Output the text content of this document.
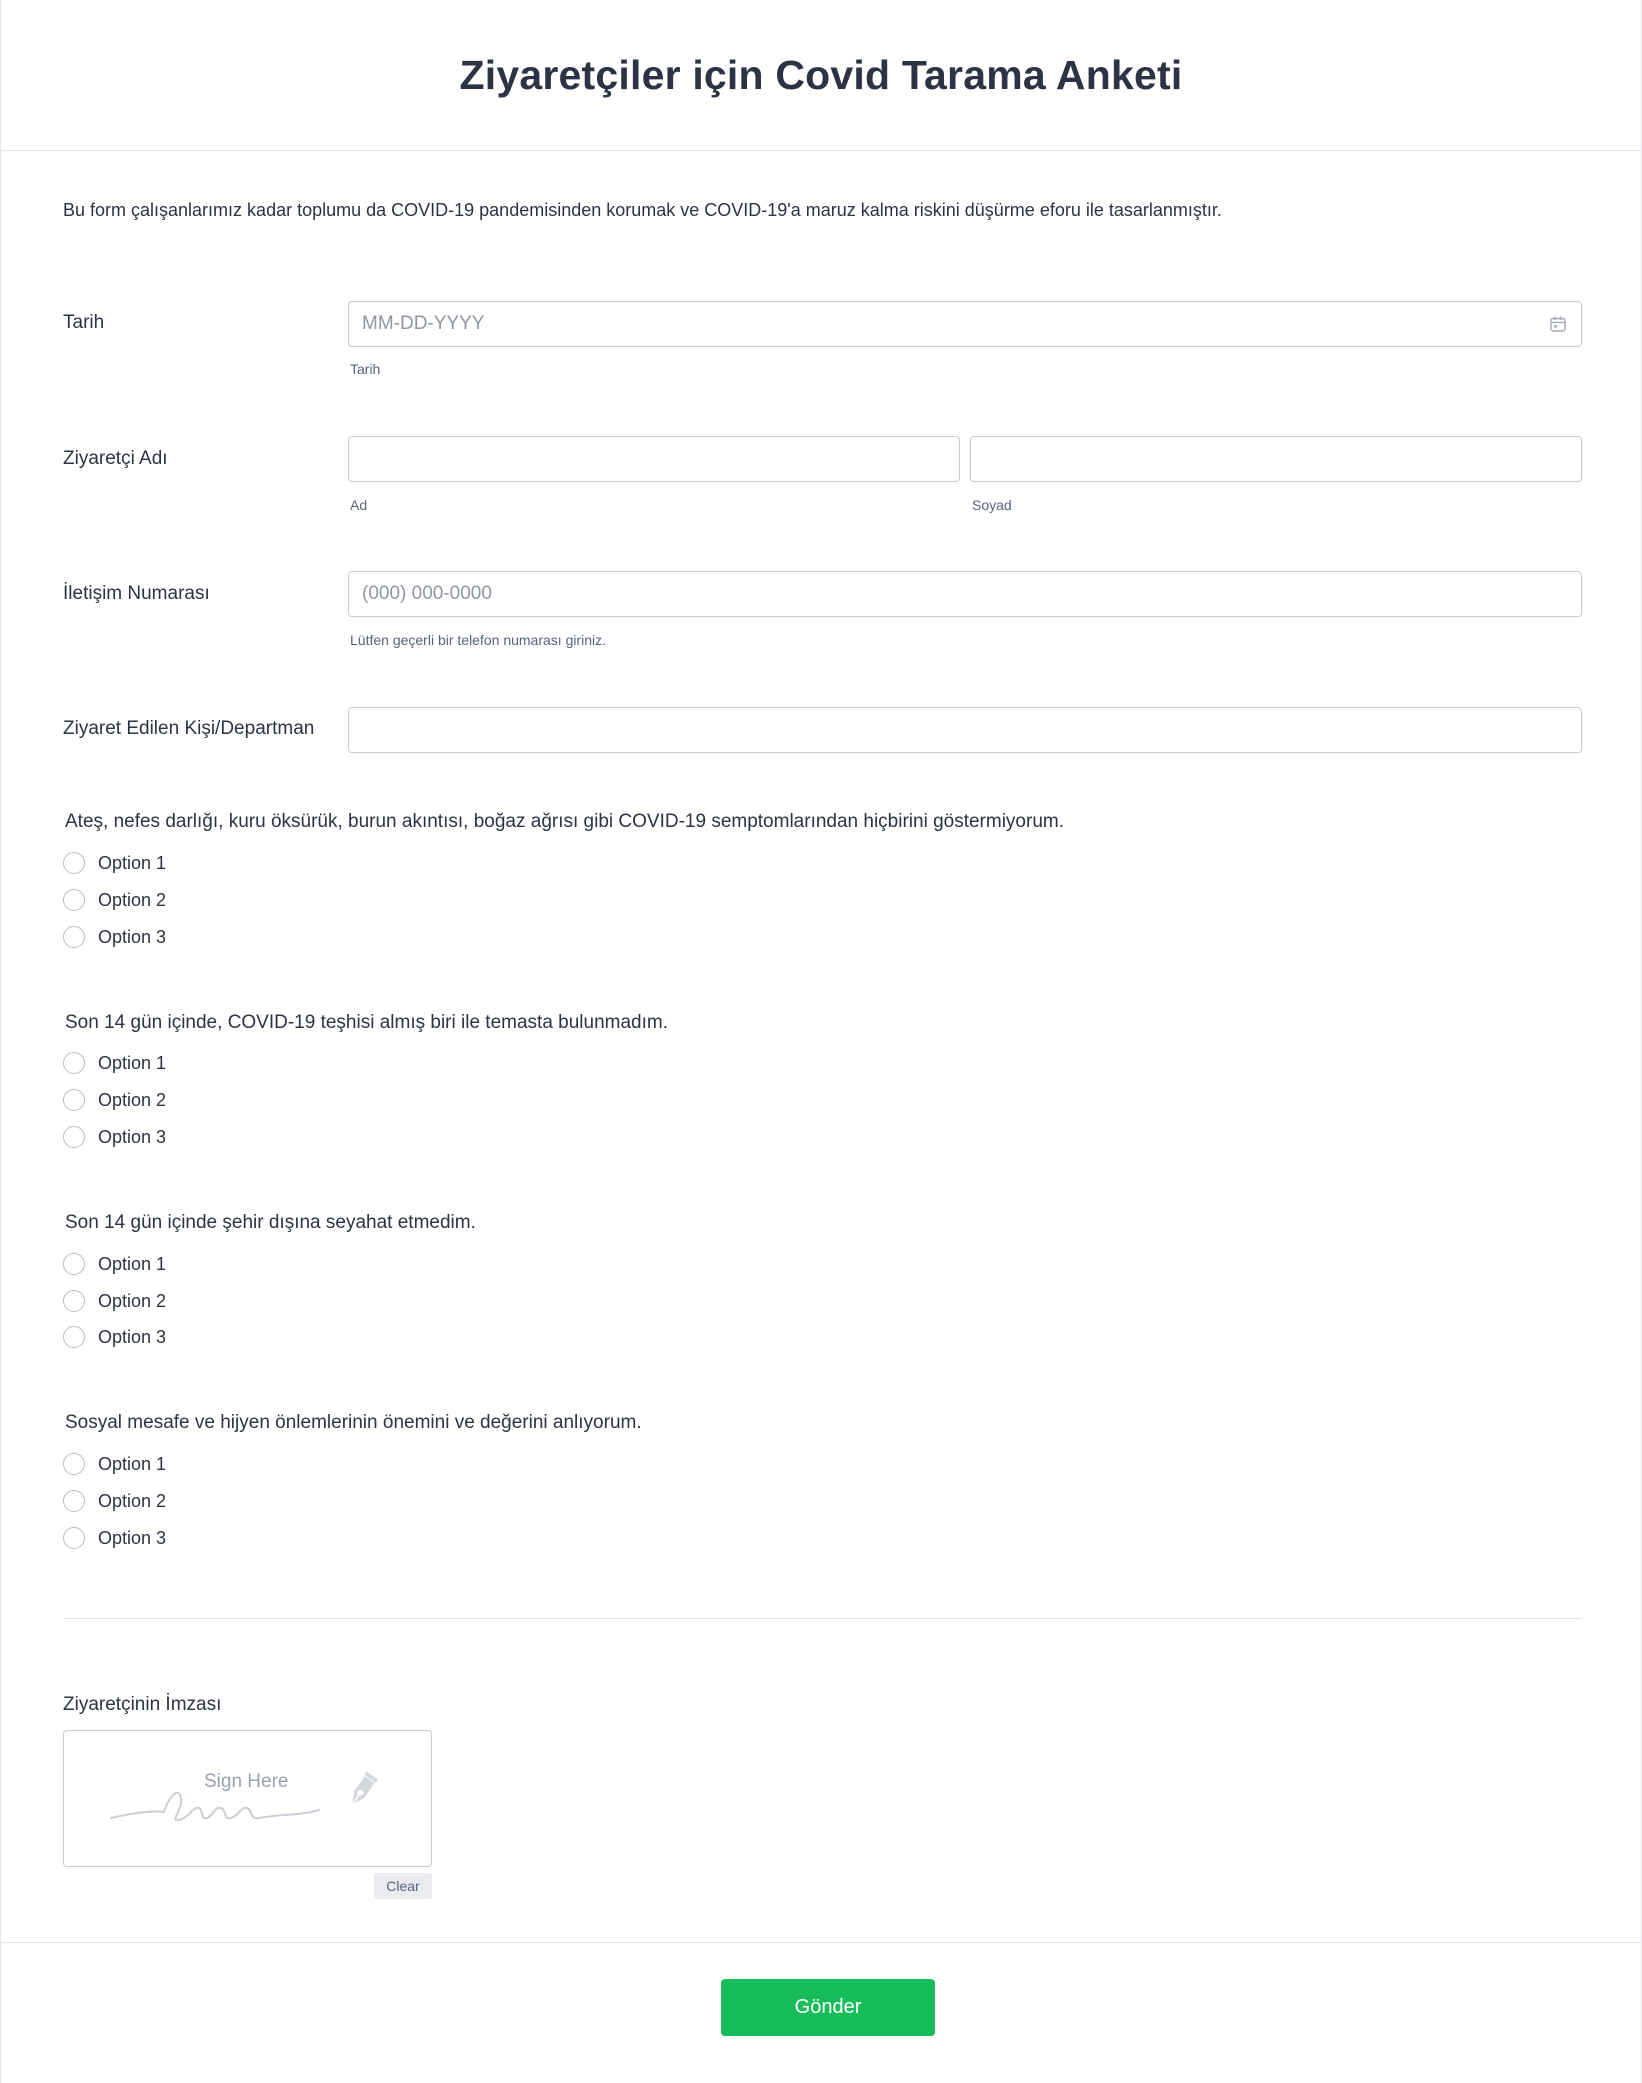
Ziyaretçiler için Covid Tarama Anketi
Bu form çalışanlarımız kadar toplumu da COVID-19 pandemisinden korumak ve COVID-19'a maruz kalma riskini düşürme eforu ile tasarlanmıştır.
Tarih	MM-DD-YYYY
Tarih
Ziyaretçi Adı
Ad	Soyad
İletişim Numarası	(000) 000-0000
Lütfen geçerli bir telefon numarası giriniz.
Ziyaret Edilen Kişi/Departman
Ateş, nefes darlığı, kuru öksürük, burun akıntısı, boğaz ağrısı gibi COVID-19 semptomlarından hiçbirini göstermiyorum.
Option 1
Option 2
Option 3
Son 14 gün içinde, COVID-19 teşhisi almış biri ile temasta bulunmadım.
Option 1
Option 2
Option 3
Son 14 gün içinde şehir dışına seyahat etmedim.
Option 1
Option 2
Option 3
Sosyal mesafe ve hijyen önlemlerinin önemini ve değerini anlıyorum.
Option 1
Option 2
Option 3
Ziyaretçinin İmzası
Sign Here
Clear
Gönder
